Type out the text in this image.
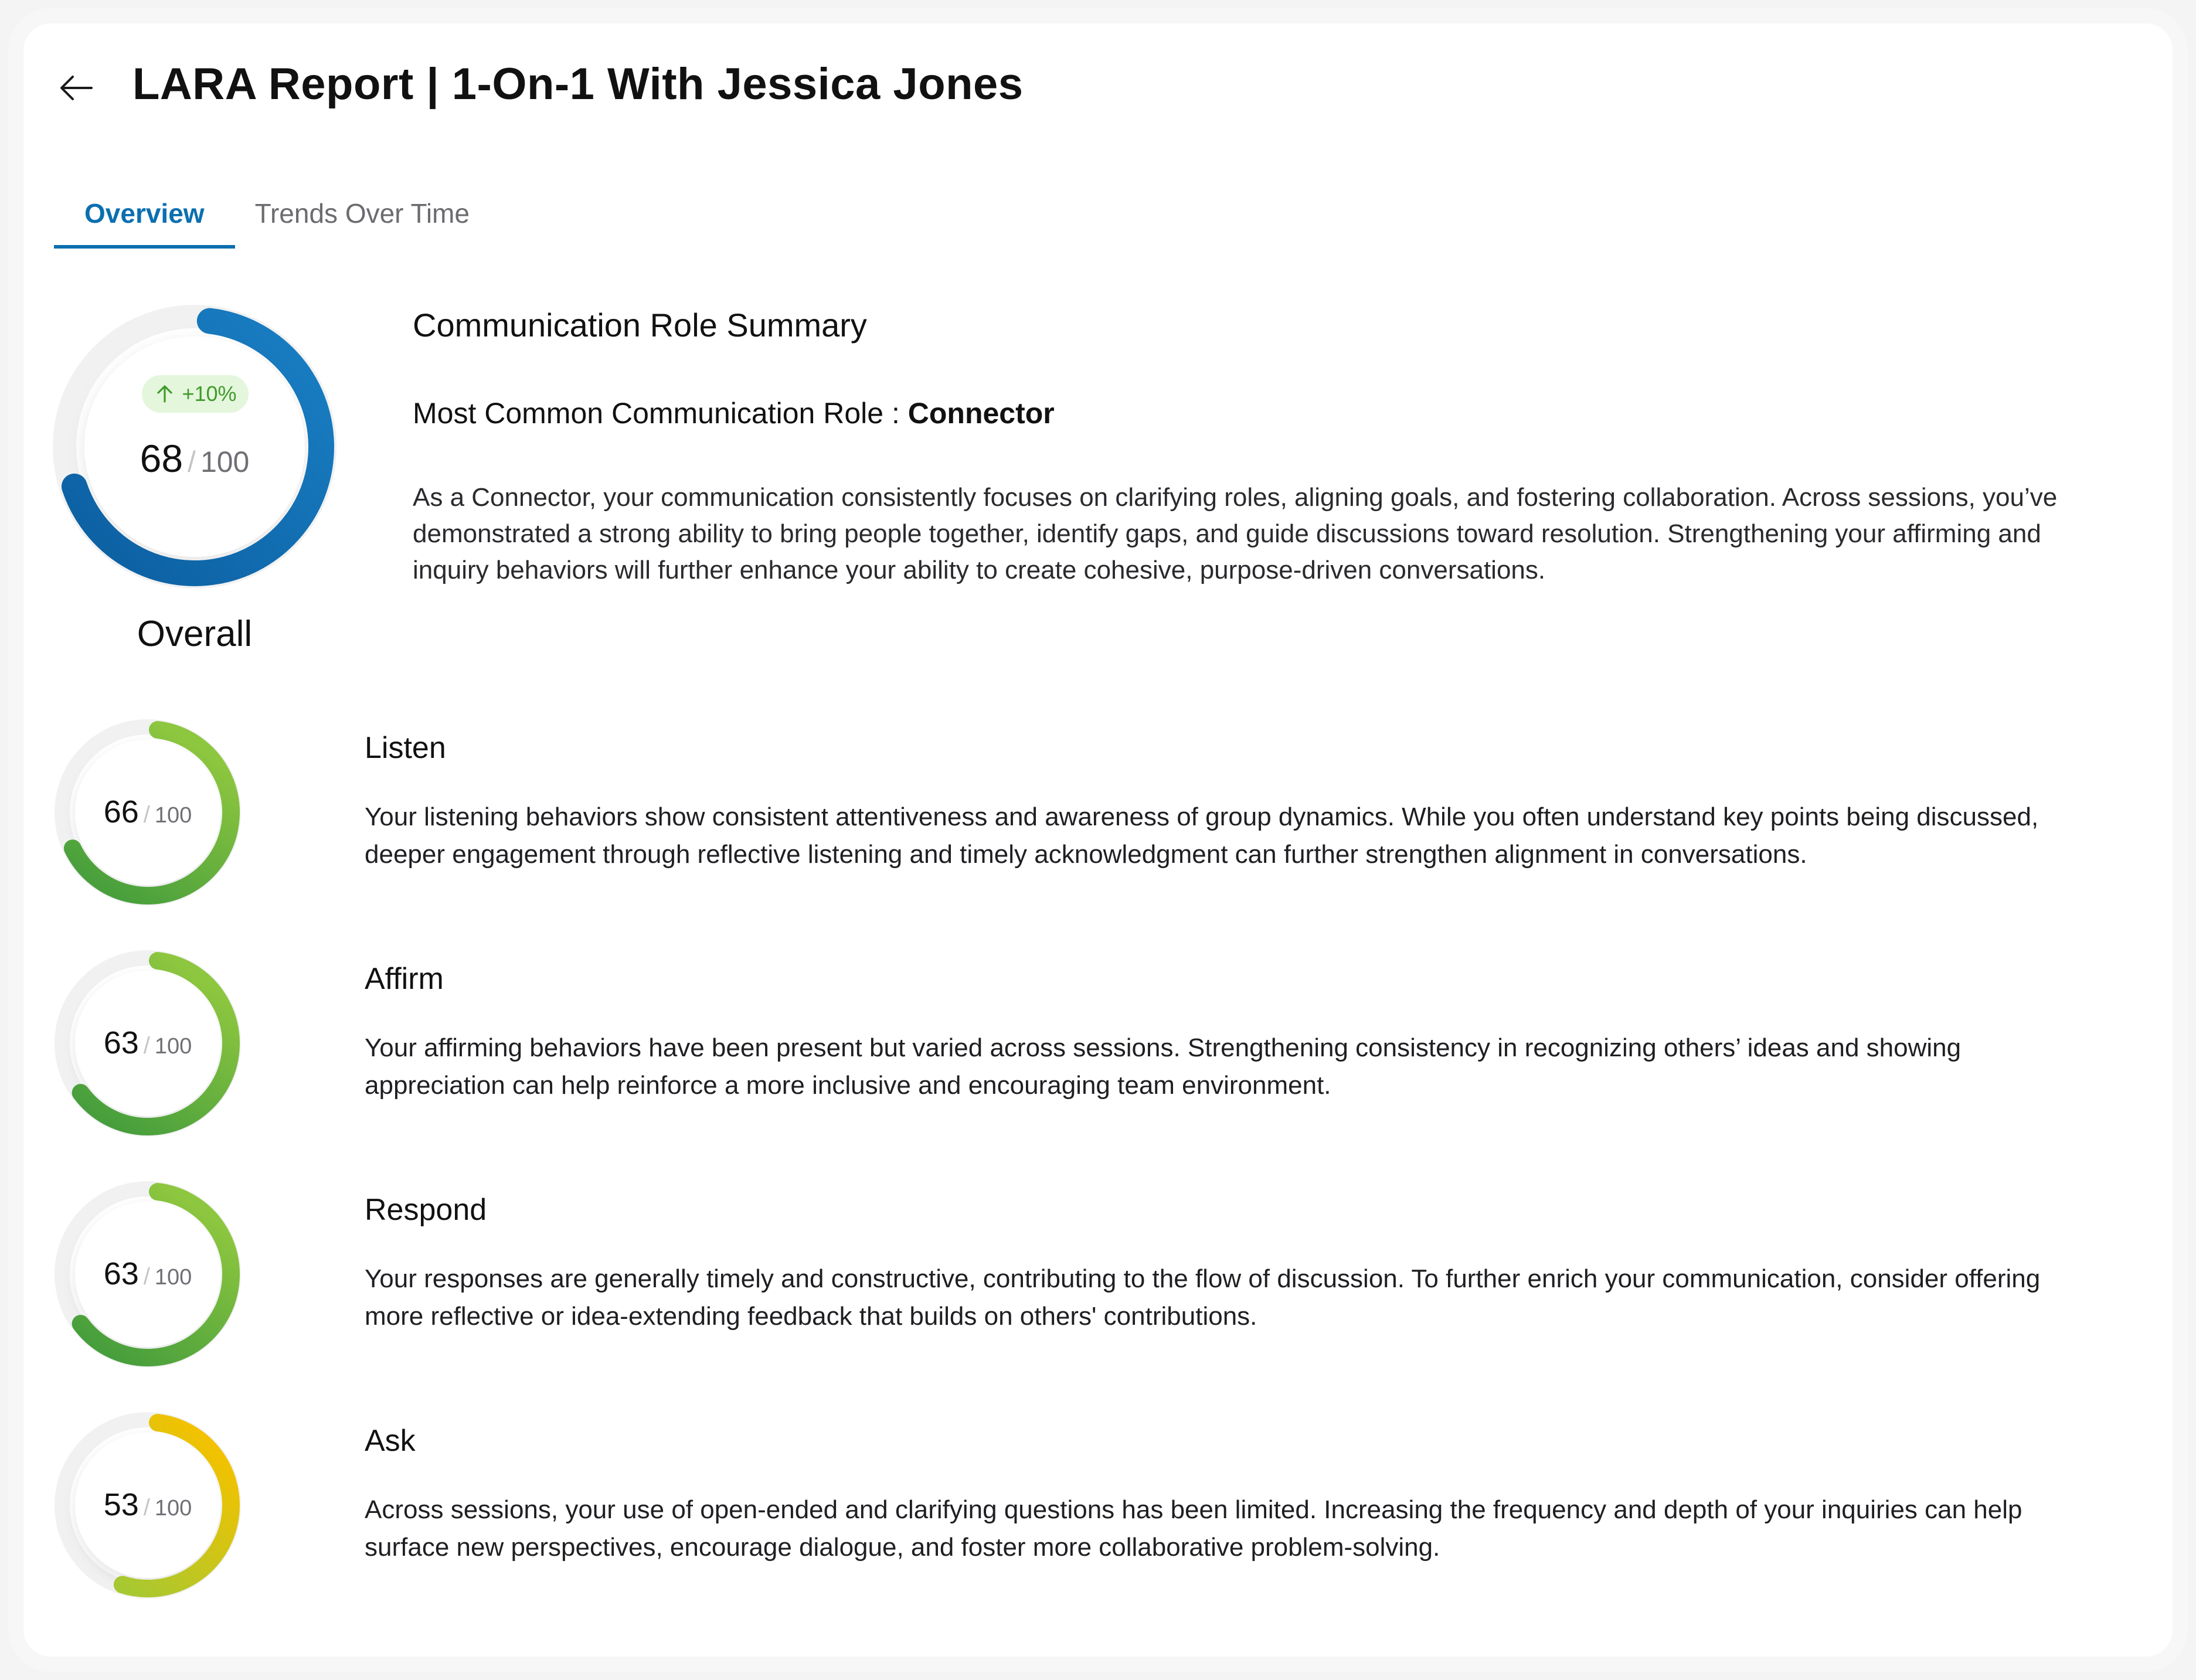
LARA Report | 1-On-1 With Jessica Jones
Overview	Trends Over Time
+10%
68 / 100
Overall
Communication Role Summary
Most Common Communication Role : Connector
As a Connector, your communication consistently focuses on clarifying roles, aligning goals, and fostering collaboration. Across sessions, you’ve demonstrated a strong ability to bring people together, identify gaps, and guide discussions toward resolution. Strengthening your affirming and inquiry behaviors will further enhance your ability to create cohesive, purpose-driven conversations.
66 / 100
Listen
Your listening behaviors show consistent attentiveness and awareness of group dynamics. While you often understand key points being discussed, deeper engagement through reflective listening and timely acknowledgment can further strengthen alignment in conversations.
63 / 100
Affirm
Your affirming behaviors have been present but varied across sessions. Strengthening consistency in recognizing others’ ideas and showing appreciation can help reinforce a more inclusive and encouraging team environment.
63 / 100
Respond
Your responses are generally timely and constructive, contributing to the flow of discussion. To further enrich your communication, consider offering more reflective or idea-extending feedback that builds on others' contributions.
53 / 100
Ask
Across sessions, your use of open-ended and clarifying questions has been limited. Increasing the frequency and depth of your inquiries can help surface new perspectives, encourage dialogue, and foster more collaborative problem-solving.
